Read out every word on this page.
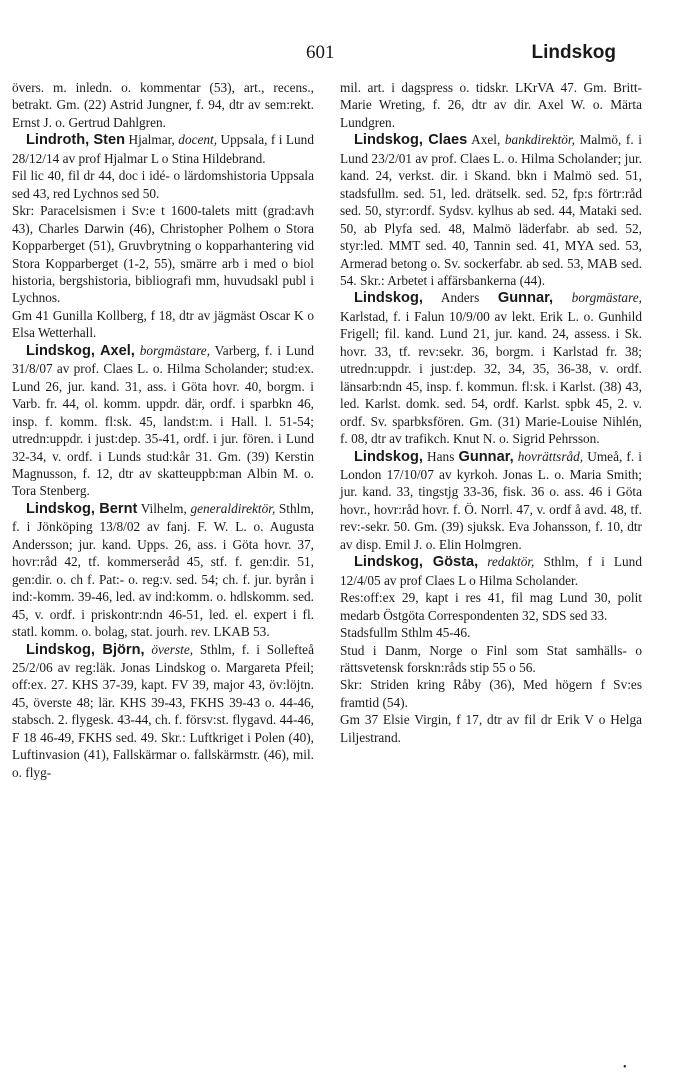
601	Lindskog

övers. m. inledn. o. kommentar (53), art., recens., betrakt. Gm. (22) Astrid Jungner, f. 94, dtr av sem:rekt. Ernst J. o. Gertrud Dahlgren.

Lindroth, Sten Hjalmar, docent, Uppsala, f i Lund 28/12/14 av prof Hjalmar L o Stina Hildebrand.

Fil lic 40, fil dr 44, doc i idé- o lärdomshistoria Uppsala sed 43, red Lychnos sed 50.

Skr: Paracelsismen i Sv:e t 1600-talets mitt (grad:avh 43), Charles Darwin (46), Christopher Polhem o Stora Kopparberget (51), Gruvbrytning o kopparhantering vid Stora Kopparberget (1-2, 55), smärre arb i med o biol historia, bergshistoria, bibliografi mm, huvudsakl publ i Lychnos.

Gm 41 Gunilla Kollberg, f 18, dtr av jägmäst Oscar K o Elsa Wetterhall.

Lindskog, Axel, borgmästare, Varberg, f. i Lund 31/8/07 av prof. Claes L. o. Hilma Scholander; stud:ex. Lund 26, jur. kand. 31, ass. i Göta hovr. 40, borgm. i Varb. fr. 44, ol. komm. uppdr. där, ordf. i sparbkn 46, insp. f. komm. fl:sk. 45, landst:m. i Hall. l. 51-54; utredn:uppdr. i just:dep. 35-41, ordf. i jur. fören. i Lund 32-34, v. ordf. i Lunds stud:kår 31. Gm. (39) Kerstin Magnusson, f. 12, dtr av skatteuppb:man Albin M. o. Tora Stenberg.

Lindskog, Bernt Vilhelm, generaldirektör, Sthlm, f. i Jönköping 13/8/02 av fanj. F. W. L. o. Augusta Andersson; jur. kand. Upps. 26, ass. i Göta hovr. 37, hovr:råd 42, tf. kommerseråd 45, stf. f. gen:dir. 51, gen:dir. o. ch f. Pat:- o. reg:v. sed. 54; ch. f. jur. byrån i ind:-komm. 39-46, led. av ind:komm. o. hdlskomm. sed. 45, v. ordf. i priskontr:ndn 46-51, led. el. expert i fl. statl. komm. o. bolag, stat. jourh. rev. LKAB 53.

Lindskog, Björn, överste, Sthlm, f. i Sollefteå 25/2/06 av reg:läk. Jonas Lindskog o. Margareta Pfeil; off:ex. 27. KHS 37-39, kapt. FV 39, major 43, öv:löjtn. 45, överste 48; lär. KHS 39-43, FKHS 39-43 o. 44-46, stabsch. 2. flygesk. 43-44, ch. f. försv:st. flygavd. 44-46, F 18 46-49, FKHS sed. 49. Skr.: Luftkriget i Polen (40), Luftinvasion (41), Fallskärmar o. fallskärmstr. (46), mil. o. flyg-

mil. art. i dagspress o. tidskr. LKrVA 47. Gm. Britt-Marie Wreting, f. 26, dtr av dir. Axel W. o. Märta Lundgren.

Lindskog, Claes Axel, bankdirektör, Malmö, f. i Lund 23/2/01 av prof. Claes L. o. Hilma Scholander; jur. kand. 24, verkst. dir. i Skand. bkn i Malmö sed. 51, stadsfullm. sed. 51, led. drätselk. sed. 52, fp:s förtr:råd sed. 50, styr:ordf. Sydsv. kylhus ab sed. 44, Mataki sed. 50, ab Plyfa sed. 48, Malmö läderfabr. ab sed. 52, styr:led. MMT sed. 40, Tannin sed. 41, MYA sed. 53, Armerad betong o. Sv. sockerfabr. ab sed. 53, MAB sed. 54. Skr.: Arbetet i affärsbankerna (44).

Lindskog, Anders Gunnar, borgmästare, Karlstad, f. i Falun 10/9/00 av lekt. Erik L. o. Gunhild Frigell; fil. kand. Lund 21, jur. kand. 24, assess. i Sk. hovr. 33, tf. rev:sekr. 36, borgm. i Karlstad fr. 38; utredn:uppdr. i just:dep. 32, 34, 35, 36-38, v. ordf. länsarb:ndn 45, insp. f. kommun. fl:sk. i Karlst. (38) 43, led. Karlst. domk. sed. 54, ordf. Karlst. spbk 45, 2. v. ordf. Sv. sparbksfören. Gm. (31) Marie-Louise Nihlén, f. 08, dtr av trafikch. Knut N. o. Sigrid Pehrsson.

Lindskog, Hans Gunnar, hovrättsråd, Umeå, f. i London 17/10/07 av kyrkoh. Jonas L. o. Maria Smith; jur. kand. 33, tingstjg 33-36, fisk. 36 o. ass. 46 i Göta hovr., hovr:råd hovr. f. Ö. Norrl. 47, v. ordf å avd. 48, tf. rev:-sekr. 50. Gm. (39) sjuksk. Eva Johansson, f. 10, dtr av disp. Emil J. o. Elin Holmgren.

Lindskog, Gösta, redaktör, Sthlm, f i Lund 12/4/05 av prof Claes L o Hilma Scholander.

Res:off:ex 29, kapt i res 41, fil mag Lund 30, polit medarb Östgöta Correspondenten 32, SDS sed 33.

Stadsfullm Sthlm 45-46.

Stud i Danm, Norge o Finl som Stat samhälls- o rättsvetensk forskn:råds stip 55 o 56.

Skr: Striden kring Råby (36), Med högern f Sv:es framtid (54).

Gm 37 Elsie Virgin, f 17, dtr av fil dr Erik V o Helga Liljestrand.

•
